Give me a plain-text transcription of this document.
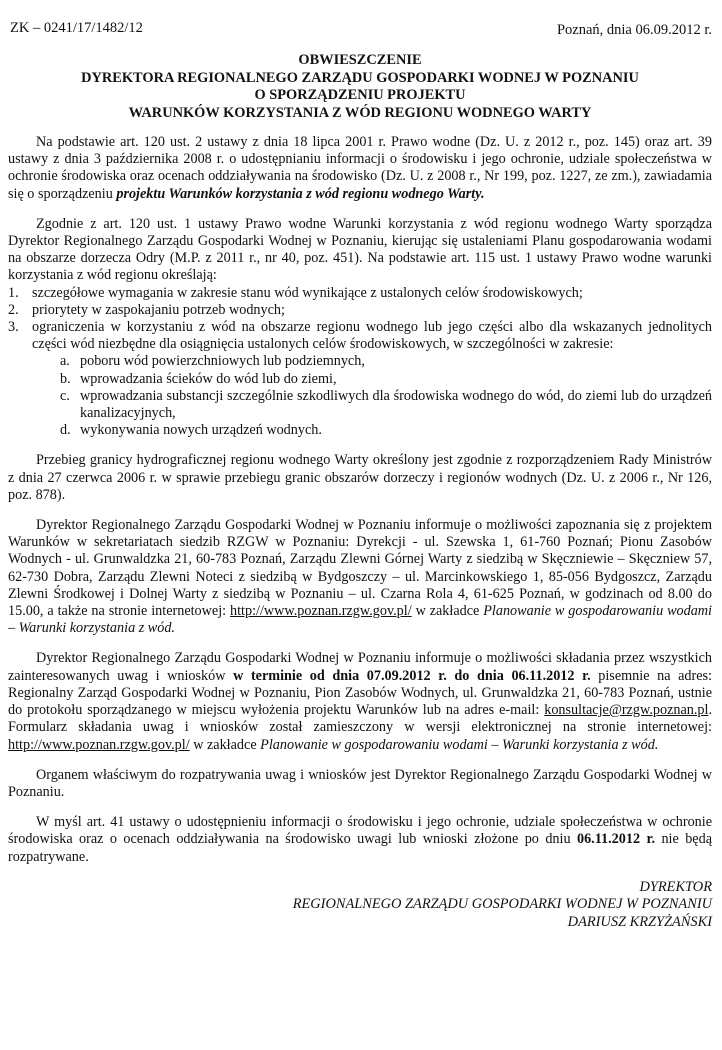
ZK – 0241/17/1482/12	Poznań, dnia 06.09.2012 r.
OBWIESZCZENIE
DYREKTORA REGIONALNEGO ZARZĄDU GOSPODARKI WODNEJ W POZNANIU
O SPORZĄDZENIU PROJEKTU
WARUNKÓW KORZYSTANIA Z WÓD REGIONU WODNEGO WARTY

Na podstawie art. 120 ust. 2 ustawy z dnia 18 lipca 2001 r. Prawo wodne (Dz. U. z 2012 r., poz. 145) oraz art. 39 ustawy z dnia 3 października 2008 r. o udostępnianiu informacji o środowisku i jego ochronie, udziale społeczeństwa w ochronie środowiska oraz ocenach oddziaływania na środowisko (Dz. U. z 2008 r., Nr 199, poz. 1227, ze zm.), zawiadamia się o sporządzeniu projektu Warunków korzystania z wód regionu wodnego Warty.

Zgodnie z art. 120 ust. 1 ustawy Prawo wodne Warunki korzystania z wód regionu wodnego Warty sporządza Dyrektor Regionalnego Zarządu Gospodarki Wodnej w Poznaniu, kierując się ustaleniami Planu gospodarowania wodami na obszarze dorzecza Odry (M.P. z 2011 r., nr 40, poz. 451). Na podstawie art. 115 ust. 1 ustawy Prawo wodne warunki korzystania z wód regionu określają:

1. szczegółowe wymagania w zakresie stanu wód wynikające z ustalonych celów środowiskowych;
2. priorytety w zaspokajaniu potrzeb wodnych;
3. ograniczenia w korzystaniu z wód na obszarze regionu wodnego lub jego części albo dla wskazanych jednolitych części wód niezbędne dla osiągnięcia ustalonych celów środowiskowych, w szczególności w zakresie:
a. poboru wód powierzchniowych lub podziemnych,
b. wprowadzania ścieków do wód lub do ziemi,
c. wprowadzania substancji szczególnie szkodliwych dla środowiska wodnego do wód, do ziemi lub do urządzeń kanalizacyjnych,
d. wykonywania nowych urządzeń wodnych.

Przebieg granicy hydrograficznej regionu wodnego Warty określony jest zgodnie z rozporządzeniem Rady Ministrów z dnia 27 czerwca 2006 r. w sprawie przebiegu granic obszarów dorzeczy i regionów wodnych (Dz. U. z 2006 r., Nr 126, poz. 878).

Dyrektor Regionalnego Zarządu Gospodarki Wodnej w Poznaniu informuje o możliwości zapoznania się z projektem Warunków w sekretariatach siedzib RZGW w Poznaniu: Dyrekcji - ul. Szewska 1, 61-760 Poznań; Pionu Zasobów Wodnych - ul. Grunwaldzka 21, 60-783 Poznań, Zarządu Zlewni Górnej Warty z siedzibą w Skęczniewie – Skęczniew 57, 62-730 Dobra, Zarządu Zlewni Noteci z siedzibą w Bydgoszczy – ul. Marcinkowskiego 1, 85-056 Bydgoszcz, Zarządu Zlewni Środkowej i Dolnej Warty z siedzibą w Poznaniu – ul. Czarna Rola 4, 61-625 Poznań, w godzinach od 8.00 do 15.00, a także na stronie internetowej: http://www.poznan.rzgw.gov.pl/ w zakładce Planowanie w gospodarowaniu wodami – Warunki korzystania z wód.

Dyrektor Regionalnego Zarządu Gospodarki Wodnej w Poznaniu informuje o możliwości składania przez wszystkich zainteresowanych uwag i wniosków w terminie od dnia 07.09.2012 r. do dnia 06.11.2012 r. pisemnie na adres: Regionalny Zarząd Gospodarki Wodnej w Poznaniu, Pion Zasobów Wodnych, ul. Grunwaldzka 21, 60-783 Poznań, ustnie do protokołu sporządzanego w miejscu wyłożenia projektu Warunków lub na adres e-mail: konsultacje@rzgw.poznan.pl. Formularz składania uwag i wniosków został zamieszczony w wersji elektronicznej na stronie internetowej: http://www.poznan.rzgw.gov.pl/ w zakładce Planowanie w gospodarowaniu wodami – Warunki korzystania z wód.

Organem właściwym do rozpatrywania uwag i wniosków jest Dyrektor Regionalnego Zarządu Gospodarki Wodnej w Poznaniu.

W myśl art. 41 ustawy o udostępnieniu informacji o środowisku i jego ochronie, udziale społeczeństwa w ochronie środowiska oraz o ocenach oddziaływania na środowisko uwagi lub wnioski złożone po dniu 06.11.2012 r. nie będą rozpatrywane.

DYREKTOR
REGIONALNEGO ZARZĄDU GOSPODARKI WODNEJ W POZNANIU
DARIUSZ KRZYŻAŃSKI
